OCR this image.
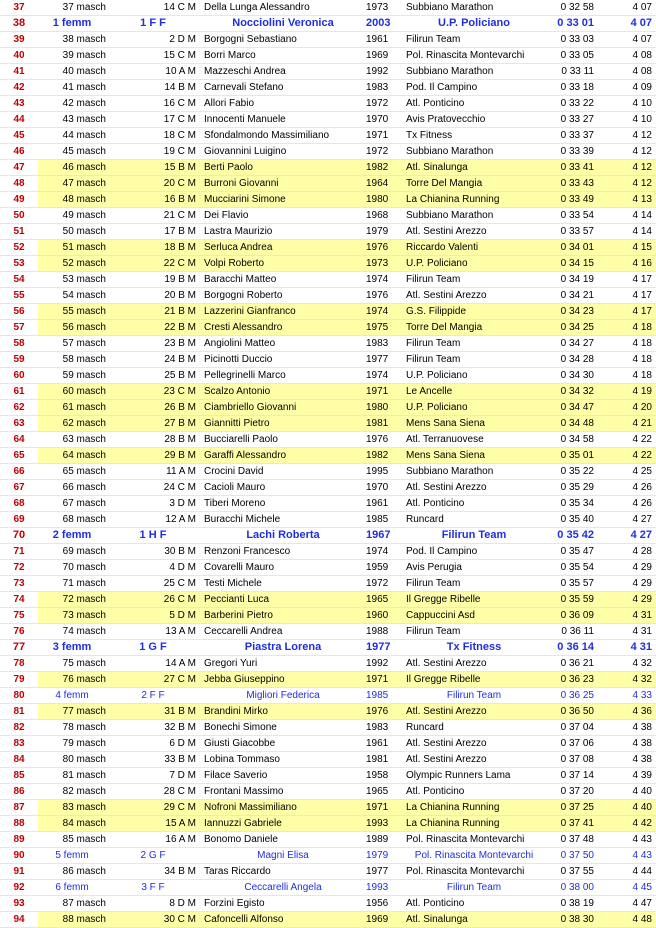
37	37 masch	14 C M	Della Lunga Alessandro	1973	Subbiano Marathon	0 32 58	4 07
38	1 femm	1 F F	Nocciolini Veronica	2003	U.P. Policiano	0 33 01	4 07
39	38 masch	2 D M	Borgogni Sebastiano	1961	Filirun Team	0 33 03	4 07
40	39 masch	15 C M	Borri Marco	1969	Pol. Rinascita Montevarchi	0 33 05	4 08
41	40 masch	10 A M	Mazzeschi Andrea	1992	Subbiano Marathon	0 33 11	4 08
42	41 masch	14 B M	Carnevali Stefano	1983	Pod. Il Campino	0 33 18	4 09
43	42 masch	16 C M	Allori Fabio	1972	Atl. Ponticino	0 33 22	4 10
44	43 masch	17 C M	Innocenti Manuele	1970	Avis Pratovecchio	0 33 27	4 10
45	44 masch	18 C M	Sfondalmondo Massimiliano	1971	Tx Fitness	0 33 37	4 12
46	45 masch	19 C M	Giovannini Luigino	1972	Subbiano Marathon	0 33 39	4 12
47	46 masch	15 B M	Berti Paolo	1982	Atl. Sinalunga	0 33 41	4 12
48	47 masch	20 C M	Burroni Giovanni	1964	Torre Del Mangia	0 33 43	4 12
49	48 masch	16 B M	Mucciarini Simone	1980	La Chianina Running	0 33 49	4 13
50	49 masch	21 C M	Dei Flavio	1968	Subbiano Marathon	0 33 54	4 14
51	50 masch	17 B M	Lastra Maurizio	1979	Atl. Sestini Arezzo	0 33 57	4 14
52	51 masch	18 B M	Serluca Andrea	1976	Riccardo Valenti	0 34 01	4 15
53	52 masch	22 C M	Volpi Roberto	1973	U.P. Policiano	0 34 15	4 16
54	53 masch	19 B M	Baracchi Matteo	1974	Filirun Team	0 34 19	4 17
55	54 masch	20 B M	Borgogni Roberto	1976	Atl. Sestini Arezzo	0 34 21	4 17
56	55 masch	21 B M	Lazzerini Gianfranco	1974	G.S. Filippide	0 34 23	4 17
57	56 masch	22 B M	Cresti Alessandro	1975	Torre Del Mangia	0 34 25	4 18
58	57 masch	23 B M	Angiolini Matteo	1983	Filirun Team	0 34 27	4 18
59	58 masch	24 B M	Picinotti Duccio	1977	Filirun Team	0 34 28	4 18
60	59 masch	25 B M	Pellegrinelli Marco	1974	U.P. Policiano	0 34 30	4 18
61	60 masch	23 C M	Scalzo Antonio	1971	Le Ancelle	0 34 32	4 19
62	61 masch	26 B M	Ciambriello Giovanni	1980	U.P. Policiano	0 34 47	4 20
63	62 masch	27 B M	Giannitti Pietro	1981	Mens Sana Siena	0 34 48	4 21
64	63 masch	28 B M	Bucciarelli Paolo	1976	Atl. Terranuovese	0 34 58	4 22
65	64 masch	29 B M	Garaffi Alessandro	1982	Mens Sana Siena	0 35 01	4 22
66	65 masch	11 A M	Crocini David	1995	Subbiano Marathon	0 35 22	4 25
67	66 masch	24 C M	Cacioli Mauro	1970	Atl. Sestini Arezzo	0 35 29	4 26
68	67 masch	3 D M	Tiberi Moreno	1961	Atl. Ponticino	0 35 34	4 26
69	68 masch	12 A M	Buracchi Michele	1985	Runcard	0 35 40	4 27
70	2 femm	1 H F	Lachi Roberta	1967	Filirun Team	0 35 42	4 27
71	69 masch	30 B M	Renzoni Francesco	1974	Pod. Il Campino	0 35 47	4 28
72	70 masch	4 D M	Covarelli Mauro	1959	Avis Perugia	0 35 54	4 29
73	71 masch	25 C M	Testi Michele	1972	Filirun Team	0 35 57	4 29
74	72 masch	26 C M	Peccianti Luca	1965	Il Gregge Ribelle	0 35 59	4 29
75	73 masch	5 D M	Barberini Pietro	1960	Cappuccini Asd	0 36 09	4 31
76	74 masch	13 A M	Ceccarelli Andrea	1988	Filirun Team	0 36 11	4 31
77	3 femm	1 G F	Piastra Lorena	1977	Tx Fitness	0 36 14	4 31
78	75 masch	14 A M	Gregori Yuri	1992	Atl. Sestini Arezzo	0 36 21	4 32
79	76 masch	27 C M	Jebba Giuseppino	1971	Il Gregge Ribelle	0 36 23	4 32
80	4 femm	2 F F	Migliori Federica	1985	Filirun Team	0 36 25	4 33
81	77 masch	31 B M	Brandini Mirko	1976	Atl. Sestini Arezzo	0 36 50	4 36
82	78 masch	32 B M	Bonechi Simone	1983	Runcard	0 37 04	4 38
83	79 masch	6 D M	Giusti Giacobbe	1961	Atl. Sestini Arezzo	0 37 06	4 38
84	80 masch	33 B M	Lobina Tommaso	1981	Atl. Sestini Arezzo	0 37 08	4 38
85	81 masch	7 D M	Filace Saverio	1958	Olympic Runners Lama	0 37 14	4 39
86	82 masch	28 C M	Frontani Massimo	1965	Atl. Ponticino	0 37 20	4 40
87	83 masch	29 C M	Nofroni Massimiliano	1971	La Chianina Running	0 37 25	4 40
88	84 masch	15 A M	Iannuzzi Gabriele	1993	La Chianina Running	0 37 41	4 42
89	85 masch	16 A M	Bonomo Daniele	1989	Pol. Rinascita Montevarchi	0 37 48	4 43
90	5 femm	2 G F	Magni Elisa	1979	Pol. Rinascita Montevarchi	0 37 50	4 43
91	86 masch	34 B M	Taras Riccardo	1977	Pol. Rinascita Montevarchi	0 37 55	4 44
92	6 femm	3 F F	Ceccarelli Angela	1993	Filirun Team	0 38 00	4 45
93	87 masch	8 D M	Forzini Egisto	1956	Atl. Ponticino	0 38 19	4 47
94	88 masch	30 C M	Cafoncelli Alfonso	1969	Atl. Sinalunga	0 38 30	4 48
